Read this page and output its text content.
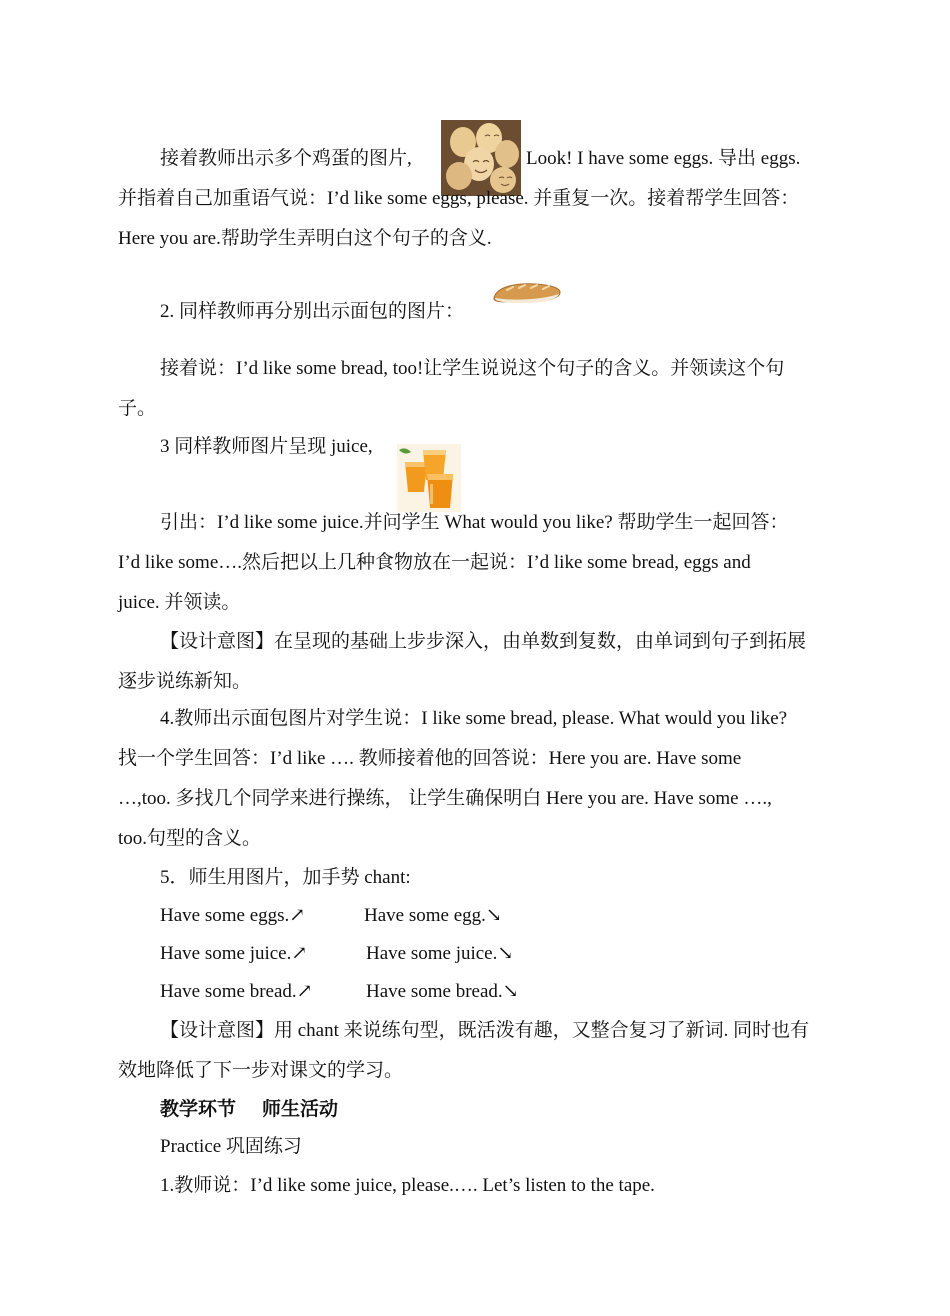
接着教师出示多个鸡蛋的图片,	Look! I have some eggs. 导出 eggs.
并指着自己加重语气说：I’d like some eggs, please. 并重复一次。接着帮学生回答：
Here you are.帮助学生弄明白这个句子的含义.
2. 同样教师再分别出示面包的图片：
接着说：I’d like some bread, too!让学生说说这个句子的含义。并领读这个句
子。
3 同样教师图片呈现 juice,
引出：I’d like some juice.并问学生 What would you like? 帮助学生一起回答：
I’d like some….然后把以上几种食物放在一起说：I’d like some bread, eggs and
juice. 并领读。
【设计意图】在呈现的基础上步步深入，由单数到复数，由单词到句子到拓展
逐步说练新知。
4.教师出示面包图片对学生说：I like some bread, please. What would you like?
找一个学生回答：I’d like …. 教师接着他的回答说：Here you are. Have some
…,too. 多找几个同学来进行操练， 让学生确保明白 Here you are. Have some ….,
too.句型的含义。
5．师生用图片，加手势 chant:
Have some eggs.↗	Have some egg.↘
Have some juice.↗	Have some juice.↘
Have some bread.↗	Have some bread.↘
【设计意图】用 chant 来说练句型，既活泼有趣，又整合复习了新词. 同时也有
效地降低了下一步对课文的学习。
教学环节 师生活动
Practice 巩固练习
1.教师说：I’d like some juice, please.…. Let’s listen to the tape.
